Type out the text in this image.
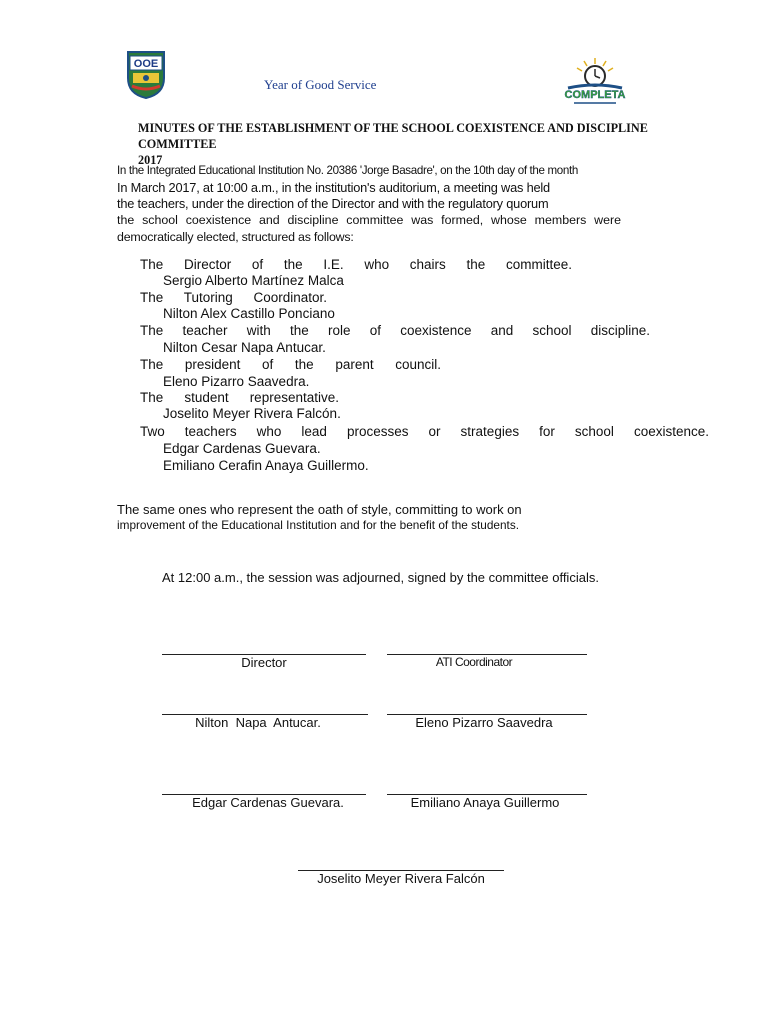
OOE
Year of Good Service
COMPLETA
MINUTES OF THE ESTABLISHMENT OF THE SCHOOL COEXISTENCE AND DISCIPLINE COMMITTEE
2017
In the Integrated Educational Institution No. 20386 'Jorge Basadre', on the 10th day of the month
In March 2017, at 10:00 a.m., in the institution's auditorium, a meeting was held
the teachers, under the direction of the Director and with the regulatory quorum
the school coexistence and discipline committee was formed, whose members were
democratically elected, structured as follows:
The Director of the I.E. who chairs the committee.
Sergio Alberto Martínez Malca
The Tutoring Coordinator.
Nilton Alex Castillo Ponciano
The teacher with the role of coexistence and school discipline.
Nilton Cesar Napa Antucar.
The president of the parent council.
Eleno Pizarro Saavedra.
The student representative.
Joselito Meyer Rivera Falcón.
Two teachers who lead processes or strategies for school coexistence.
Edgar Cardenas Guevara.
Emiliano Cerafin Anaya Guillermo.
The same ones who represent the oath of style, committing to work on
improvement of the Educational Institution and for the benefit of the students.
At 12:00 a.m., the session was adjourned, signed by the committee officials.
Director	ATI Coordinator
Nilton  Napa  Antucar.	Eleno Pizarro Saavedra
Edgar Cardenas Guevara.	Emiliano Anaya Guillermo
Joselito Meyer Rivera Falcón
